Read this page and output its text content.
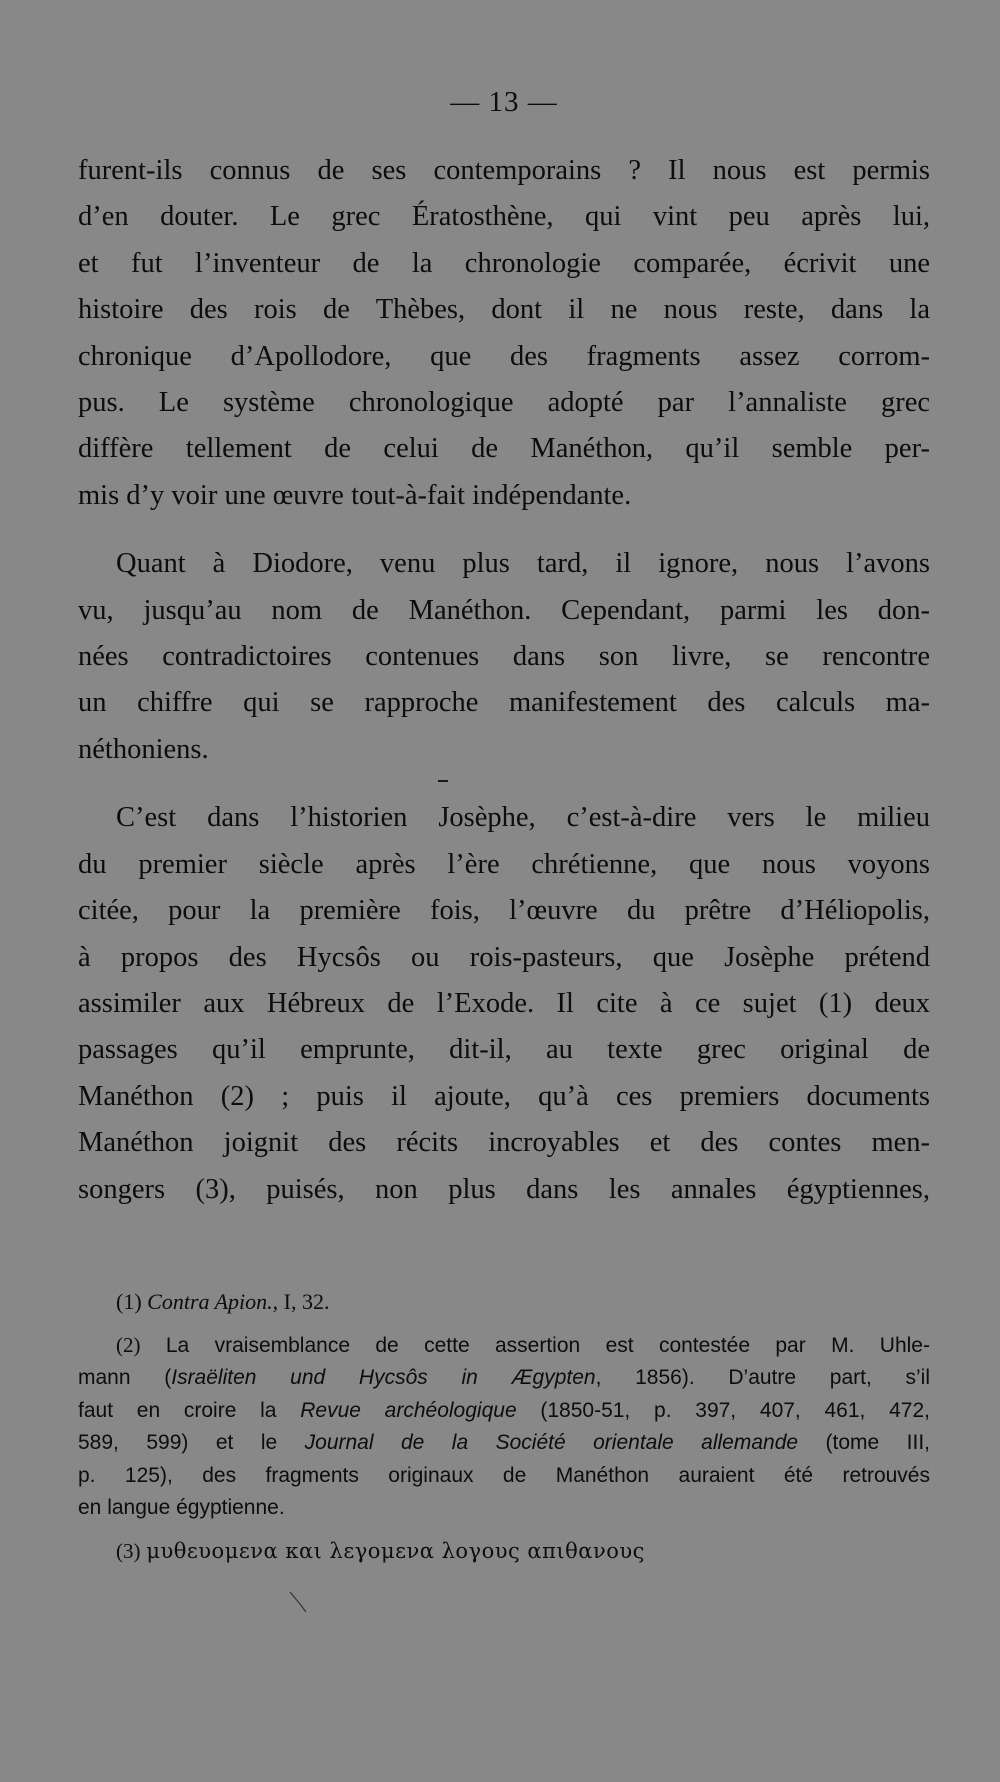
— 13 —

furent-ils connus de ses contemporains ? Il nous est permis
d’en douter. Le grec Ératosthène, qui vint peu après lui,
et fut l’inventeur de la chronologie comparée, écrivit une
histoire des rois de Thèbes, dont il ne nous reste, dans la
chronique d’Apollodore, que des fragments assez corrom-
pus. Le système chronologique adopté par l’annaliste grec
diffère tellement de celui de Manéthon, qu’il semble per-
mis d’y voir une œuvre tout-à-fait indépendante.

Quant à Diodore, venu plus tard, il ignore, nous l’avons
vu, jusqu’au nom de Manéthon. Cependant, parmi les don-
nées contradictoires contenues dans son livre, se rencontre
un chiffre qui se rapproche manifestement des calculs ma-
néthoniens.

C’est dans l’historien Josèphe, c’est-à-dire vers le milieu
du premier siècle après l’ère chrétienne, que nous voyons
citée, pour la première fois, l’œuvre du prêtre d’Héliopolis,
à propos des Hycsôs ou rois-pasteurs, que Josèphe prétend
assimiler aux Hébreux de l’Exode. Il cite à ce sujet (1) deux
passages qu’il emprunte, dit-il, au texte grec original de
Manéthon (2) ; puis il ajoute, qu’à ces premiers documents
Manéthon joignit des récits incroyables et des contes men-
songers (3), puisés, non plus dans les annales égyptiennes,

(1) Contra Apion., I, 32.
(2) La vraisemblance de cette assertion est contestée par M. Uhle-
mann (Israëliten und Hycsôs in Ægypten, 1856). D’autre part, s’il
faut en croire la Revue archéologique (1850-51, p. 397, 407, 461, 472,
589, 599) et le Journal de la Société orientale allemande (tome III,
p. 125), des fragments originaux de Manéthon auraient été retrouvés
en langue égyptienne.
(3) μυθευομενα και λεγομενα λογους απιθανους
